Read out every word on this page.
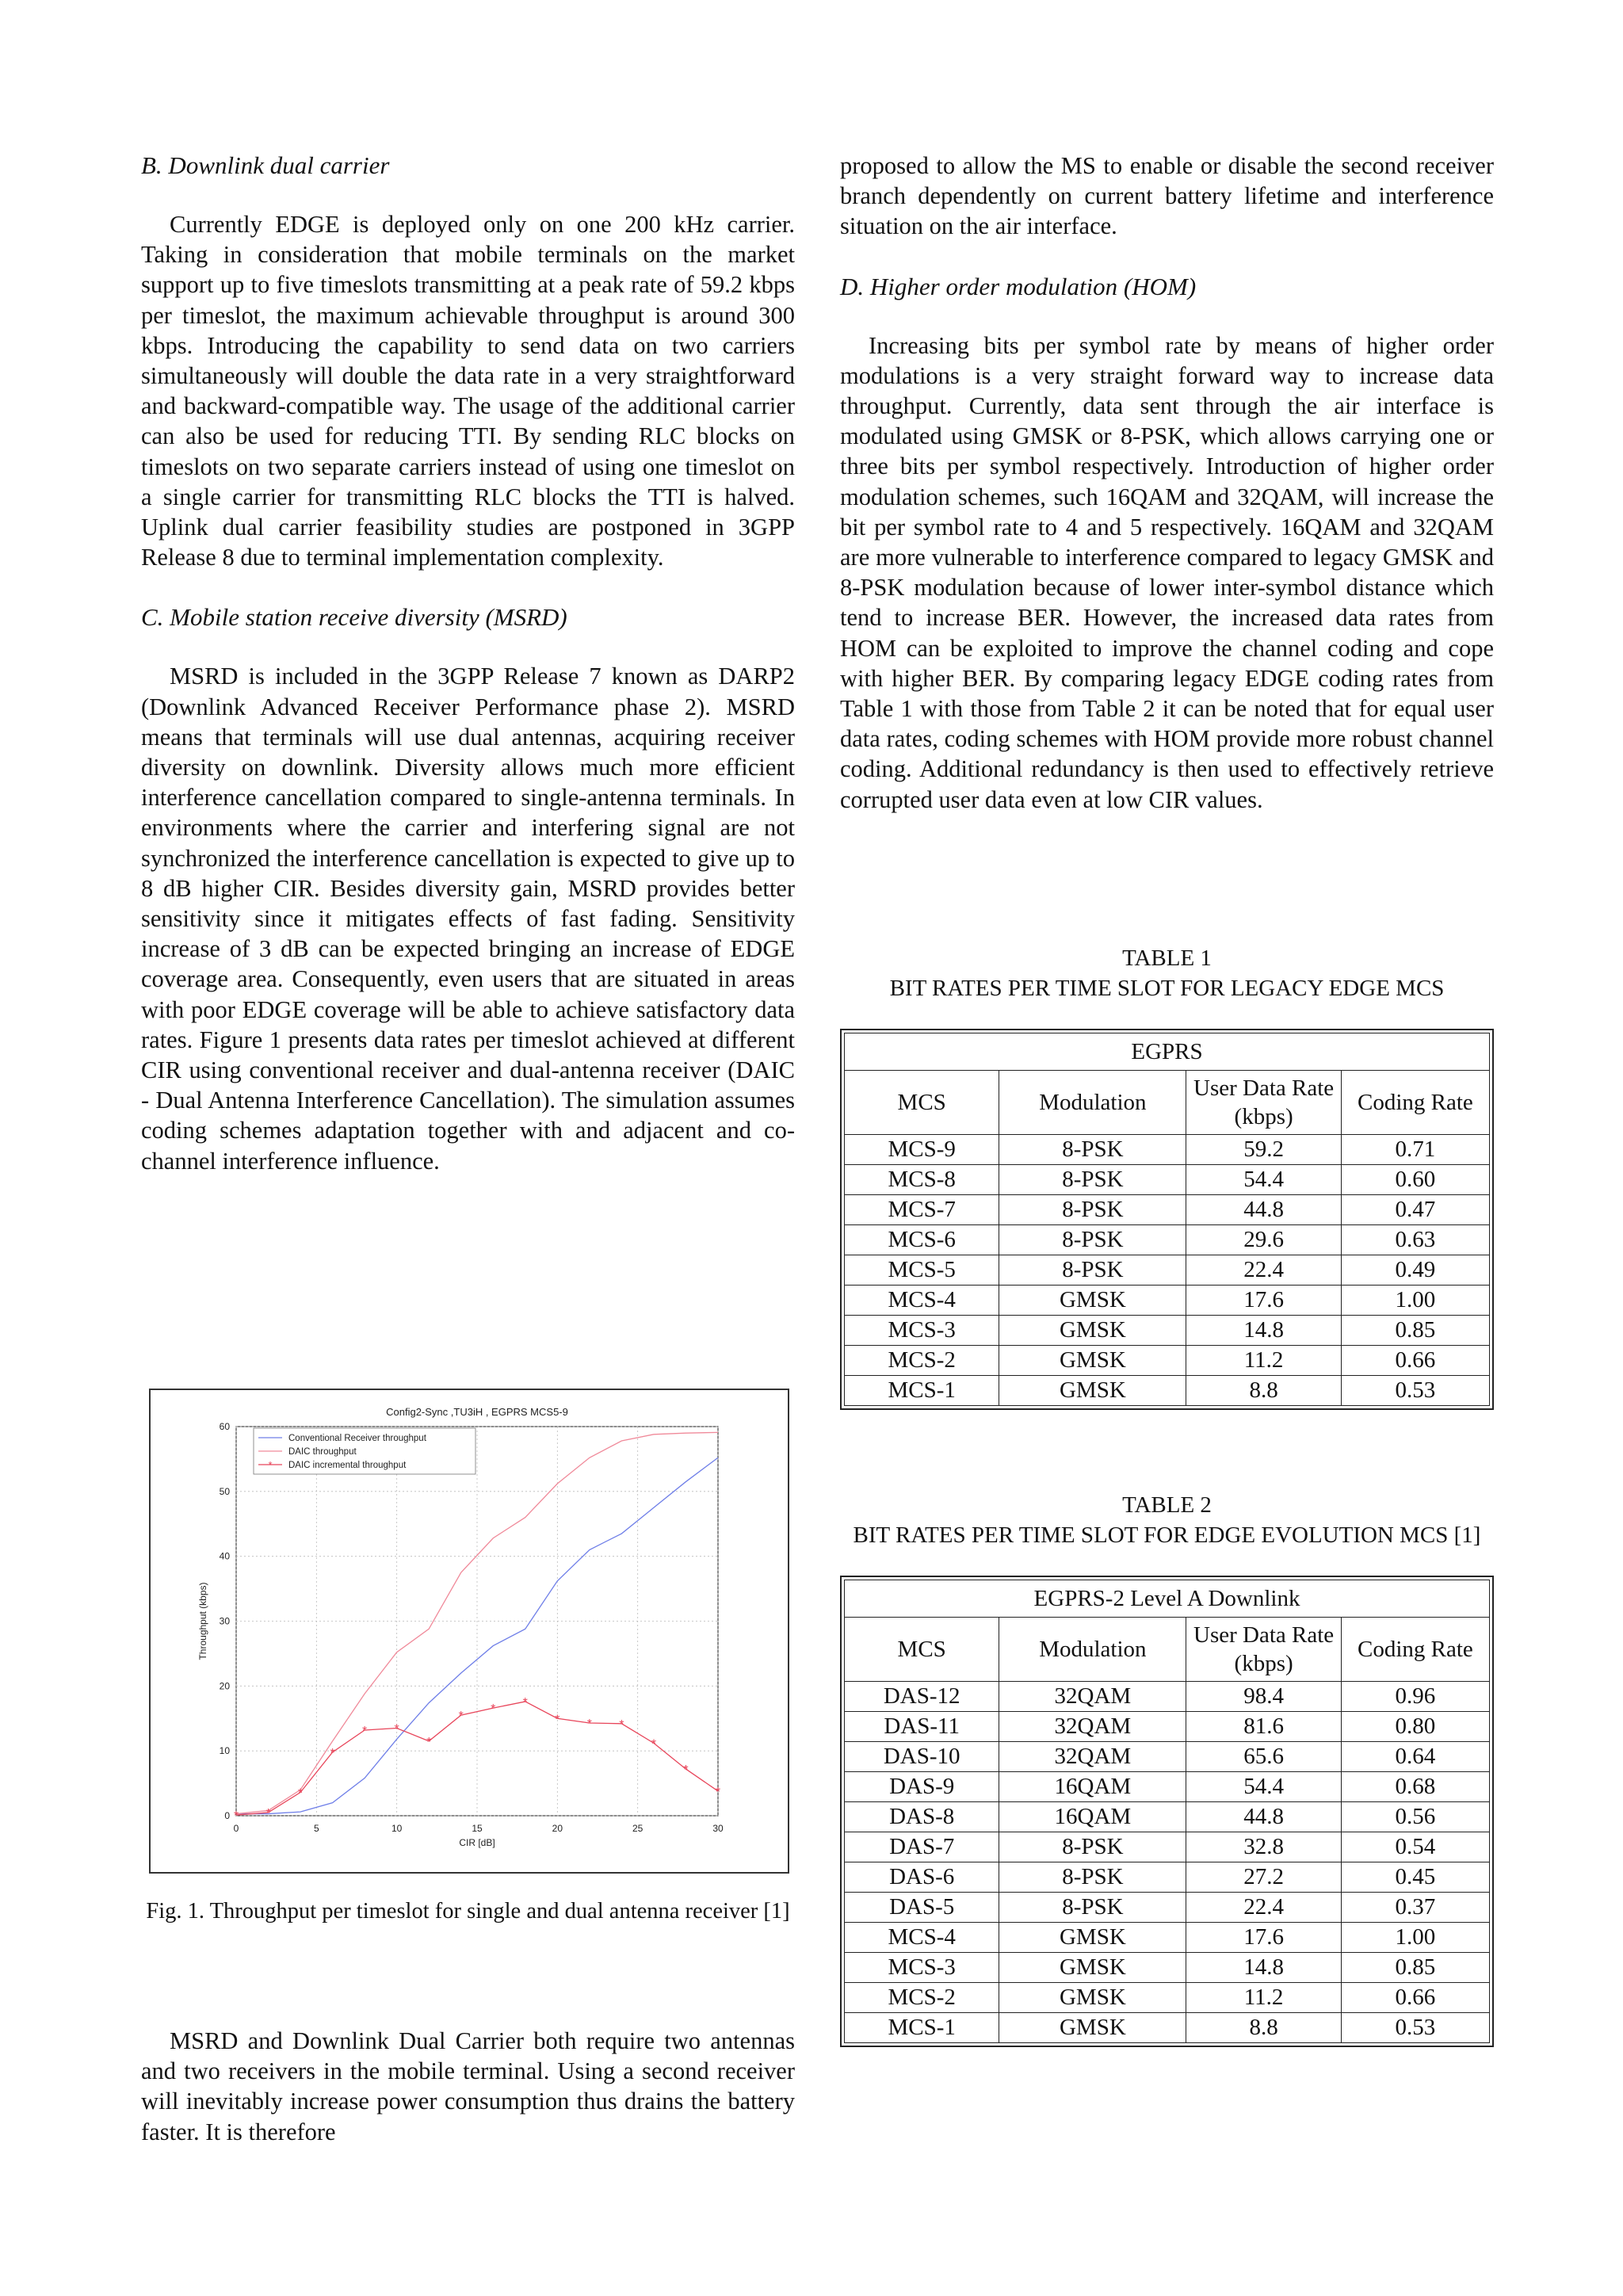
B. Downlink dual carrier

Currently EDGE is deployed only on one 200 kHz carrier. Taking in consideration that mobile terminals on the market support up to five timeslots transmitting at a peak rate of 59.2 kbps per timeslot, the maximum achievable throughput is around 300 kbps. Introducing the capability to send data on two carriers simultaneously will double the data rate in a very straightforward and backward-compatible way. The usage of the additional carrier can also be used for reducing TTI. By sending RLC blocks on timeslots on two separate carriers instead of using one timeslot on a single carrier for transmitting RLC blocks the TTI is halved. Uplink dual carrier feasibility studies are postponed in 3GPP Release 8 due to terminal implementation complexity.

C. Mobile station receive diversity (MSRD)

MSRD is included in the 3GPP Release 7 known as DARP2 (Downlink Advanced Receiver Performance phase 2). MSRD means that terminals will use dual antennas, acquiring receiver diversity on downlink. Diversity allows much more efficient interference cancellation compared to single-antenna terminals. In environments where the carrier and interfering signal are not synchronized the interference cancellation is expected to give up to 8 dB higher CIR. Besides diversity gain, MSRD provides better sensitivity since it mitigates effects of fast fading. Sensitivity increase of 3 dB can be expected bringing an increase of EDGE coverage area. Consequently, even users that are situated in areas with poor EDGE coverage will be able to achieve satisfactory data rates. Figure 1 presents data rates per timeslot achieved at different CIR using conventional receiver and dual-antenna receiver (DAIC - Dual Antenna Interference Cancellation). The simulation assumes coding schemes adaptation together with and adjacent and co-channel interference influence.

0	5	10	15	20	25	30
0
10
20
30
40
50
60
Config2-Sync ,TU3iH , EGPRS MCS5-9
CIR [dB]
Throughput (kbps)
* *
*
*
* *
*
*
* *
* * *
*
*
*
Conventional Receiver throughput
DAIC throughput
* DAIC incremental throughput
Fig. 1. Throughput per timeslot for single and dual antenna receiver [1]

MSRD and Downlink Dual Carrier both require two antennas and two receivers in the mobile terminal. Using a second receiver will inevitably increase power consumption thus drains the battery faster. It is therefore

proposed to allow the MS to enable or disable the second receiver branch dependently on current battery lifetime and interference situation on the air interface.

D. Higher order modulation (HOM)

Increasing bits per symbol rate by means of higher order modulations is a very straight forward way to increase data throughput. Currently, data sent through the air interface is modulated using GMSK or 8-PSK, which allows carrying one or three bits per symbol respectively. Introduction of higher order modulation schemes, such 16QAM and 32QAM, will increase the bit per symbol rate to 4 and 5 respectively. 16QAM and 32QAM are more vulnerable to interference compared to legacy GMSK and 8-PSK modulation because of lower inter-symbol distance which tend to increase BER. However, the increased data rates from HOM can be exploited to improve the channel coding and cope with higher BER. By comparing legacy EDGE coding rates from Table 1 with those from Table 2 it can be noted that for equal user data rates, coding schemes with HOM provide more robust channel coding. Additional redundancy is then used to effectively retrieve corrupted user data even at low CIR values.

TABLE 1

BIT RATES PER TIME SLOT FOR LEGACY EDGE MCS

EGPRS			
MCS	Modulation	User Data Rate (kbps)	Coding Rate
MCS-9	8-PSK	59.2	0.71
MCS-8	8-PSK	54.4	0.60
MCS-7	8-PSK	44.8	0.47
MCS-6	8-PSK	29.6	0.63
MCS-5	8-PSK	22.4	0.49
MCS-4	GMSK	17.6	1.00
MCS-3	GMSK	14.8	0.85
MCS-2	GMSK	11.2	0.66
MCS-1	GMSK	8.8	0.53

TABLE 2

BIT RATES PER TIME SLOT FOR EDGE EVOLUTION MCS [1]

EGPRS-2 Level A Downlink			
MCS	Modulation	User Data Rate (kbps)	Coding Rate
DAS-12	32QAM	98.4	0.96
DAS-11	32QAM	81.6	0.80
DAS-10	32QAM	65.6	0.64
DAS-9	16QAM	54.4	0.68
DAS-8	16QAM	44.8	0.56
DAS-7	8-PSK	32.8	0.54
DAS-6	8-PSK	27.2	0.45
DAS-5	8-PSK	22.4	0.37
MCS-4	GMSK	17.6	1.00
MCS-3	GMSK	14.8	0.85
MCS-2	GMSK	11.2	0.66
MCS-1	GMSK	8.8	0.53
